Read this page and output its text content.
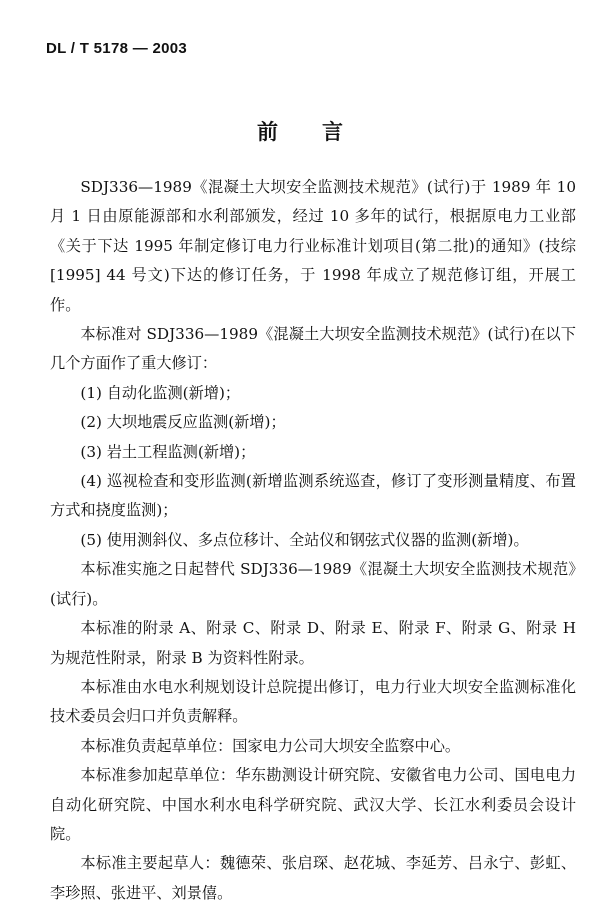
DL / T 5178 — 2003
前言

SDJ336—1989《混凝土大坝安全监测技术规范》(试行)于 1989 年 10 月 1 日由原能源部和水利部颁发，经过 10 多年的试行，根据原电力工业部《关于下达 1995 年制定修订电力行业标准计划项目(第二批)的通知》(技综 [1995] 44 号文)下达的修订任务，于 1998 年成立了规范修订组，开展工作。

本标准对 SDJ336—1989《混凝土大坝安全监测技术规范》(试行)在以下几个方面作了重大修订：

(1) 自动化监测(新增)；

(2) 大坝地震反应监测(新增)；

(3) 岩土工程监测(新增)；

(4) 巡视检查和变形监测(新增监测系统巡查，修订了变形测量精度、布置方式和挠度监测)；

(5) 使用测斜仪、多点位移计、全站仪和钢弦式仪器的监测(新增)。

本标准实施之日起替代 SDJ336—1989《混凝土大坝安全监测技术规范》(试行)。

本标准的附录 A、附录 C、附录 D、附录 E、附录 F、附录 G、附录 H 为规范性附录，附录 B 为资料性附录。

本标准由水电水利规划设计总院提出修订，电力行业大坝安全监测标准化技术委员会归口并负责解释。

本标准负责起草单位：国家电力公司大坝安全监察中心。

本标准参加起草单位：华东勘测设计研究院、安徽省电力公司、国电电力自动化研究院、中国水利水电科学研究院、武汉大学、长江水利委员会设计院。

本标准主要起草人：魏德荣、张启琛、赵花城、李延芳、吕永宁、彭虹、李珍照、张进平、刘景僖。
